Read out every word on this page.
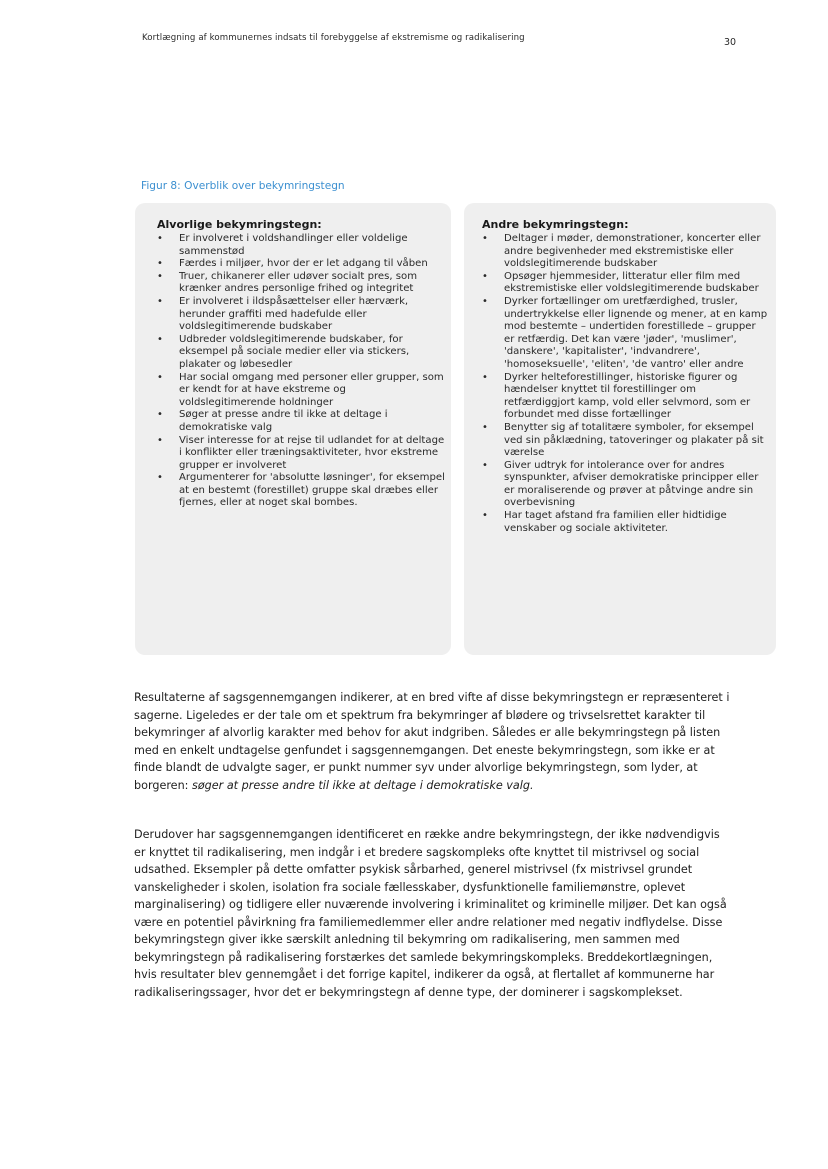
Kortlægning af kommunernes indsats til forebyggelse af ekstremisme og radikalisering	30
Figur 8: Overblik over bekymringstegn
Alvorlige bekymringstegn:
•	Er involveret i voldshandlinger eller voldelige sammenstød
•	Færdes i miljøer, hvor der er let adgang til våben
•	Truer, chikanerer eller udøver socialt pres, som krænker andres personlige frihed og integritet
•	Er involveret i ildspåsættelser eller hærværk, herunder graffiti med hadefulde eller voldslegitimerende budskaber
•	Udbreder voldslegitimerende budskaber, for eksempel på sociale medier eller via stickers, plakater og løbesedler
•	Har social omgang med personer eller grupper, som er kendt for at have ekstreme og voldslegitimerende holdninger
•	Søger at presse andre til ikke at deltage i demokratiske valg
•	Viser interesse for at rejse til udlandet for at deltage i konflikter eller træningsaktiviteter, hvor ekstreme grupper er involveret
•	Argumenterer for 'absolutte løsninger', for eksempel at en bestemt (forestillet) gruppe skal dræbes eller fjernes, eller at noget skal bombes.
Andre bekymringstegn:
•	Deltager i møder, demonstrationer, koncerter eller andre begivenheder med ekstremistiske eller voldslegitimerende budskaber
•	Opsøger hjemmesider, litteratur eller film med ekstremistiske eller voldslegitimerende budskaber
•	Dyrker fortællinger om uretfærdighed, trusler, undertrykkelse eller lignende og mener, at en kamp mod bestemte – undertiden forestillede – grupper er retfærdig. Det kan være 'jøder', 'muslimer', 'danskere', 'kapitalister', 'indvandrere', 'homoseksuelle', 'eliten', 'de vantro' eller andre
•	Dyrker helteforestillinger, historiske figurer og hændelser knyttet til forestillinger om retfærdiggjort kamp, vold eller selvmord, som er forbundet med disse fortællinger
•	Benytter sig af totalitære symboler, for eksempel ved sin påklædning, tatoveringer og plakater på sit værelse
•	Giver udtryk for intolerance over for andres synspunkter, afviser demokratiske principper eller er moraliserende og prøver at påtvinge andre sin overbevisning
•	Har taget afstand fra familien eller hidtidige venskaber og sociale aktiviteter.

Resultaterne af sagsgennemgangen indikerer, at en bred vifte af disse bekymringstegn er repræsenteret i sagerne. Ligeledes er der tale om et spektrum fra bekymringer af blødere og trivselsrettet karakter til bekymringer af alvorlig karakter med behov for akut indgriben. Således er alle bekymringstegn på listen med en enkelt undtagelse genfundet i sagsgennemgangen. Det eneste bekymringstegn, som ikke er at finde blandt de udvalgte sager, er punkt nummer syv under alvorlige bekymringstegn, som lyder, at borgeren: søger at presse andre til ikke at deltage i demokratiske valg.

Derudover har sagsgennemgangen identificeret en række andre bekymringstegn, der ikke nødvendigvis er knyttet til radikalisering, men indgår i et bredere sagskompleks ofte knyttet til mistrivsel og social udsathed. Eksempler på dette omfatter psykisk sårbarhed, generel mistrivsel (fx mistrivsel grundet vanskeligheder i skolen, isolation fra sociale fællesskaber, dysfunktionelle familiemønstre, oplevet marginalisering) og tidligere eller nuværende involvering i kriminalitet og kriminelle miljøer. Det kan også være en potentiel påvirkning fra familiemedlemmer eller andre relationer med negativ indflydelse. Disse bekymringstegn giver ikke særskilt anledning til bekymring om radikalisering, men sammen med bekymringstegn på radikalisering forstærkes det samlede bekymringskompleks. Breddekortlægningen, hvis resultater blev gennemgået i det forrige kapitel, indikerer da også, at flertallet af kommunerne har radikaliseringssager, hvor det er bekymringstegn af denne type, der dominerer i sagskomplekset.
